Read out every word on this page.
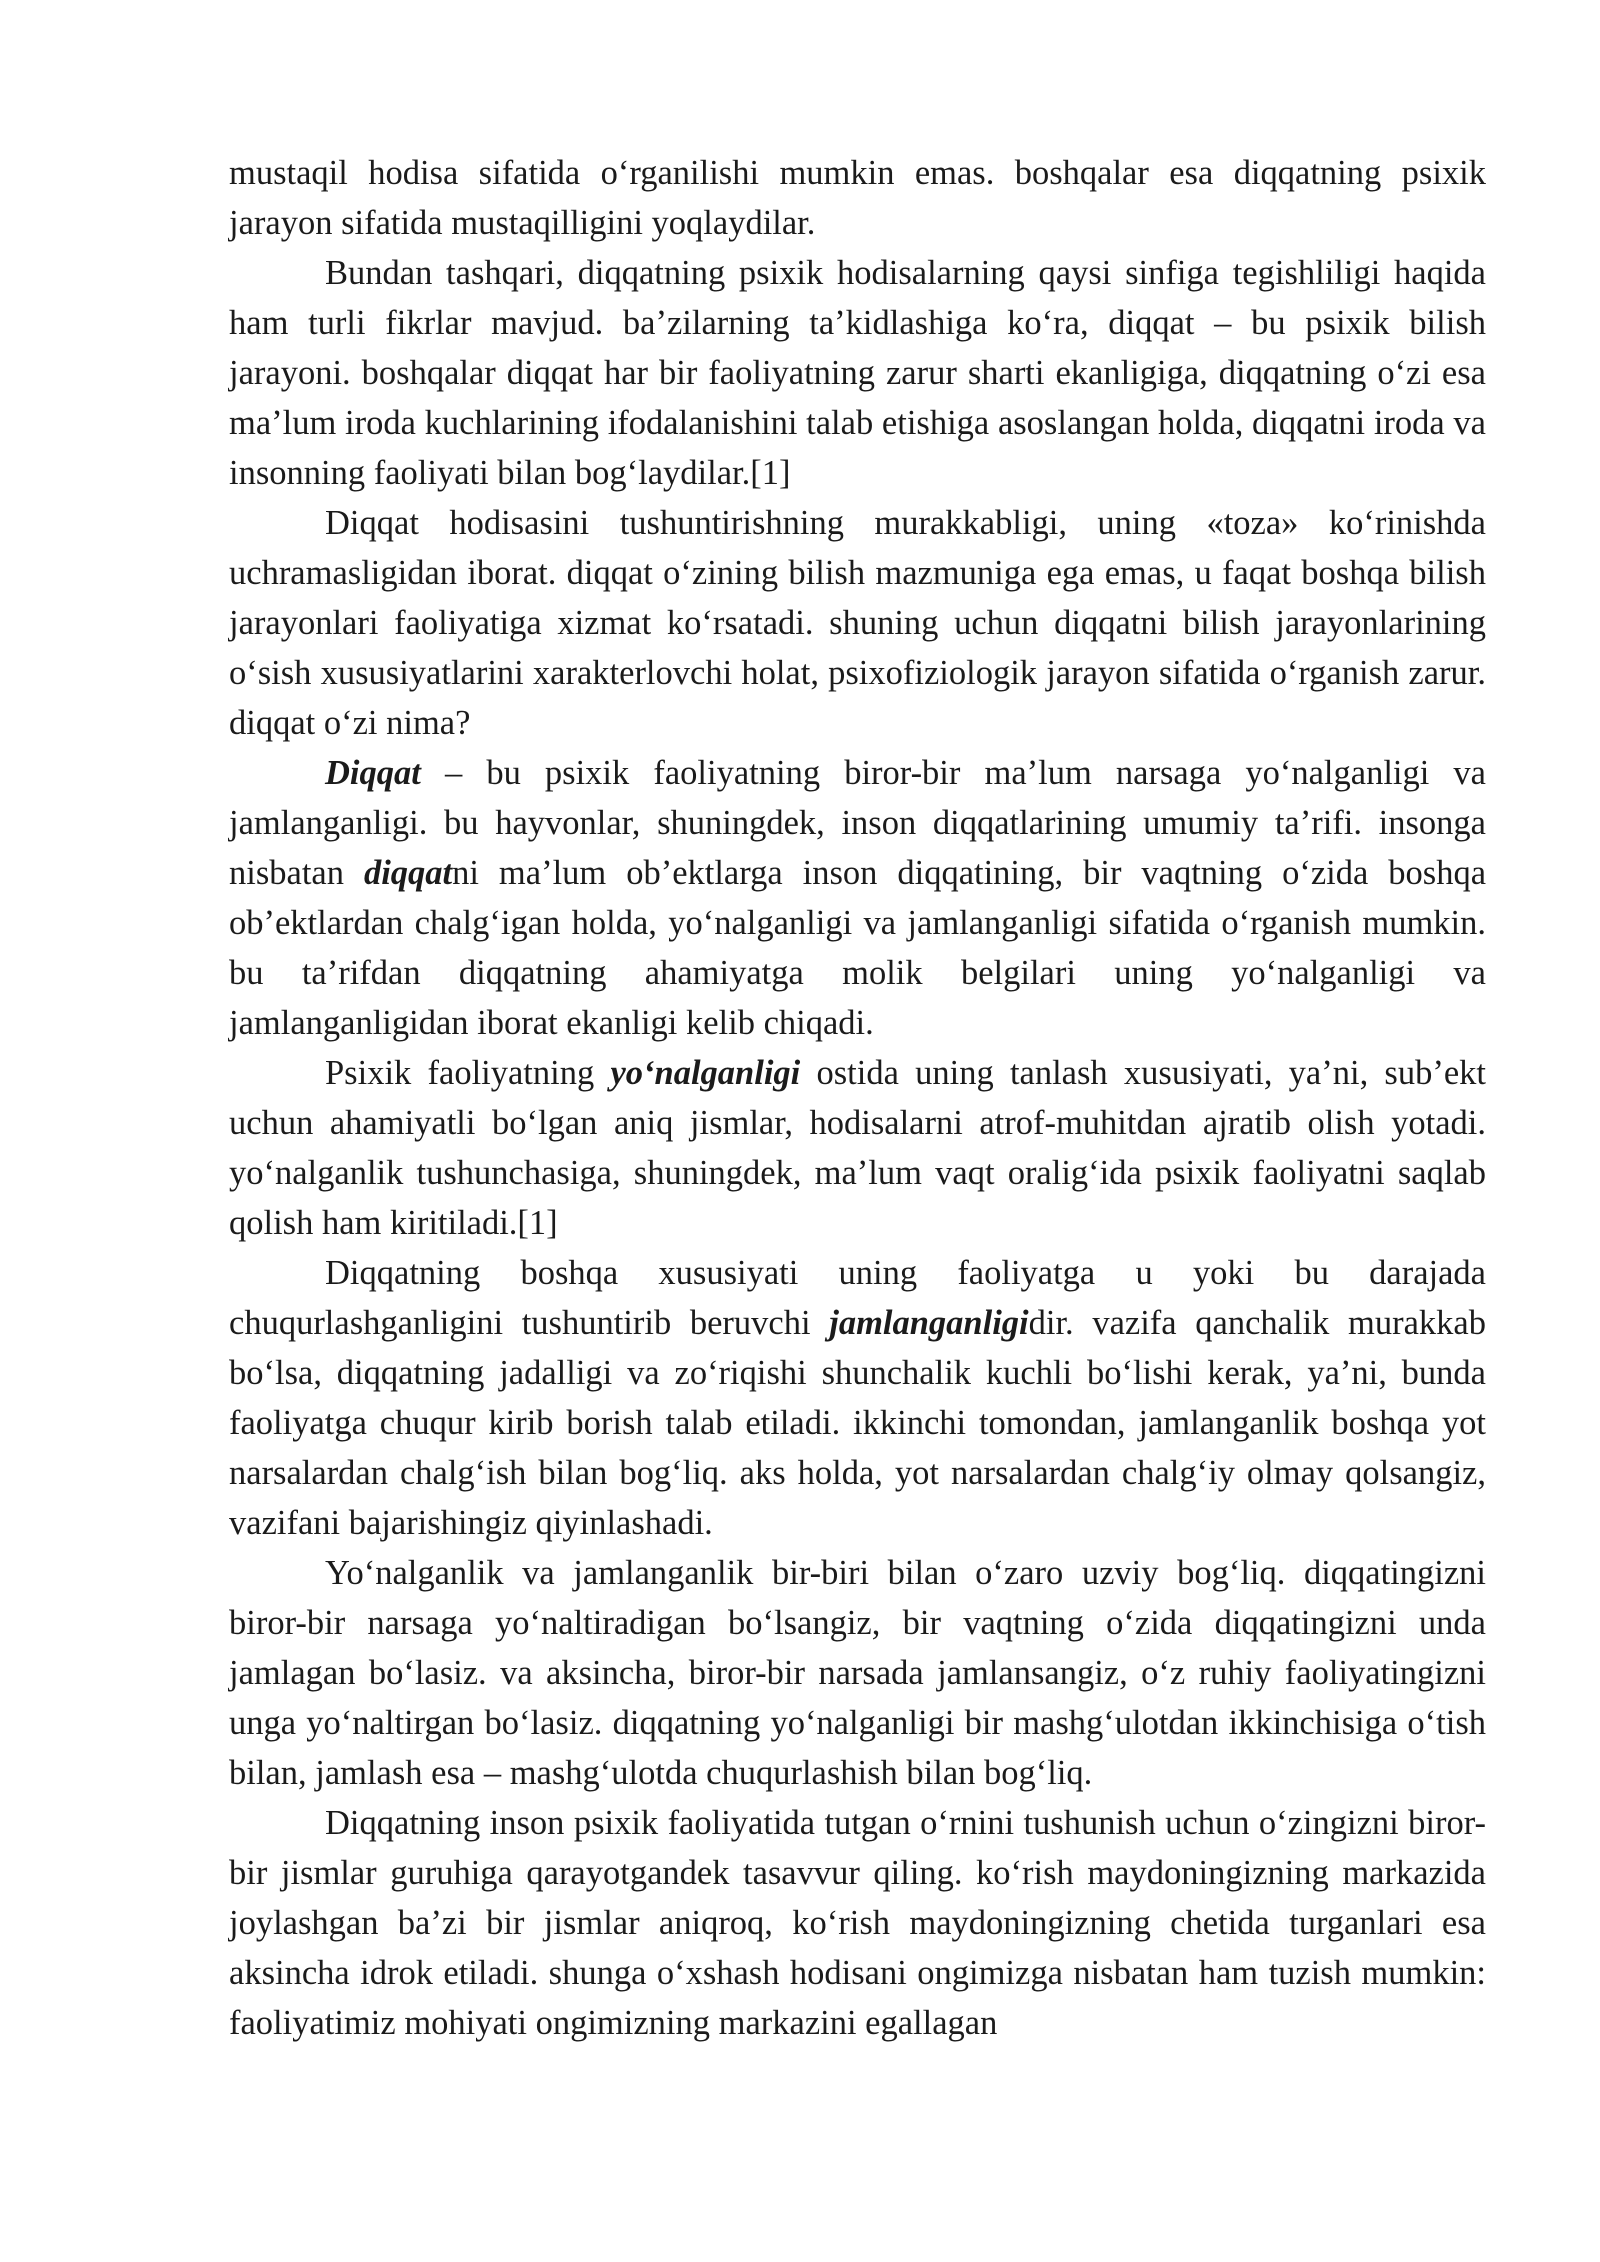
mustaqil hodisa sifatida oʻrganilishi mumkin emas. boshqalar esa diqqatning psixik jarayon sifatida mustaqilligini yoqlaydilar.

Bundan tashqari, diqqatning psixik hodisalarning qaysi sinfiga tegishliligi haqida ham turli fikrlar mavjud. baʼzilarning taʼkidlashiga koʻra, diqqat – bu psixik bilish jarayoni. boshqalar diqqat har bir faoliyatning zarur sharti ekanligiga, diqqatning oʻzi esa maʼlum iroda kuchlarining ifodalanishini talab etishiga asoslangan holda, diqqatni iroda va insonning faoliyati bilan bogʻlaydilar.[1]

Diqqat hodisasini tushuntirishning murakkabligi, uning «toza» koʻrinishda uchramasligidan iborat. diqqat oʻzining bilish mazmuniga ega emas, u faqat boshqa bilish jarayonlari faoliyatiga xizmat koʻrsatadi. shuning uchun diqqatni bilish jarayonlarining oʻsish xususiyatlarini xarakterlovchi holat, psixofiziologik jarayon sifatida oʻrganish zarur. diqqat oʻzi nima?

Diqqat – bu psixik faoliyatning biror-bir maʼlum narsaga yoʻnalganligi va jamlanganligi. bu hayvonlar, shuningdek, inson diqqatlarining umumiy taʼrifi. insonga nisbatan diqqatni maʼlum obʼektlarga inson diqqatining, bir vaqtning oʻzida boshqa obʼektlardan chalgʻigan holda, yoʻnalganligi va jamlanganligi sifatida oʻrganish mumkin. bu taʼrifdan diqqatning ahamiyatga molik belgilari uning yoʻnalganligi va jamlanganligidan iborat ekanligi kelib chiqadi.

Psixik faoliyatning yoʻnalganligi ostida uning tanlash xususiyati, yaʼni, subʼekt uchun ahamiyatli boʻlgan aniq jismlar, hodisalarni atrof-muhitdan ajratib olish yotadi. yoʻnalganlik tushunchasiga, shuningdek, maʼlum vaqt oraligʻida psixik faoliyatni saqlab qolish ham kiritiladi.[1]

Diqqatning boshqa xususiyati uning faoliyatga u yoki bu darajada chuqurlashganligini tushuntirib beruvchi jamlanganligidir. vazifa qanchalik murakkab boʻlsa, diqqatning jadalligi va zoʻriqishi shunchalik kuchli boʻlishi kerak, yaʼni, bunda faoliyatga chuqur kirib borish talab etiladi. ikkinchi tomondan, jamlanganlik boshqa yot narsalardan chalgʻish bilan bogʻliq. aks holda, yot narsalardan chalgʻiy olmay qolsangiz, vazifani bajarishingiz qiyinlashadi.

Yoʻnalganlik va jamlanganlik bir-biri bilan oʻzaro uzviy bogʻliq. diqqatingizni biror-bir narsaga yoʻnaltiradigan boʻlsangiz, bir vaqtning oʻzida diqqatingizni unda jamlagan boʻlasiz. va aksincha, biror-bir narsada jamlansangiz, oʻz ruhiy faoliyatingizni unga yoʻnaltirgan boʻlasiz. diqqatning yoʻnalganligi bir mashgʻulotdan ikkinchisiga oʻtish bilan, jamlash esa – mashgʻulotda chuqurlashish bilan bogʻliq.

Diqqatning inson psixik faoliyatida tutgan oʻrnini tushunish uchun oʻzingizni biror-bir jismlar guruhiga qarayotgandek tasavvur qiling. koʻrish maydoningizning markazida joylashgan baʼzi bir jismlar aniqroq, koʻrish maydoningizning chetida turganlari esa aksincha idrok etiladi. shunga oʻxshash hodisani ongimizga nisbatan ham tuzish mumkin: faoliyatimiz mohiyati ongimizning markazini egallagan
